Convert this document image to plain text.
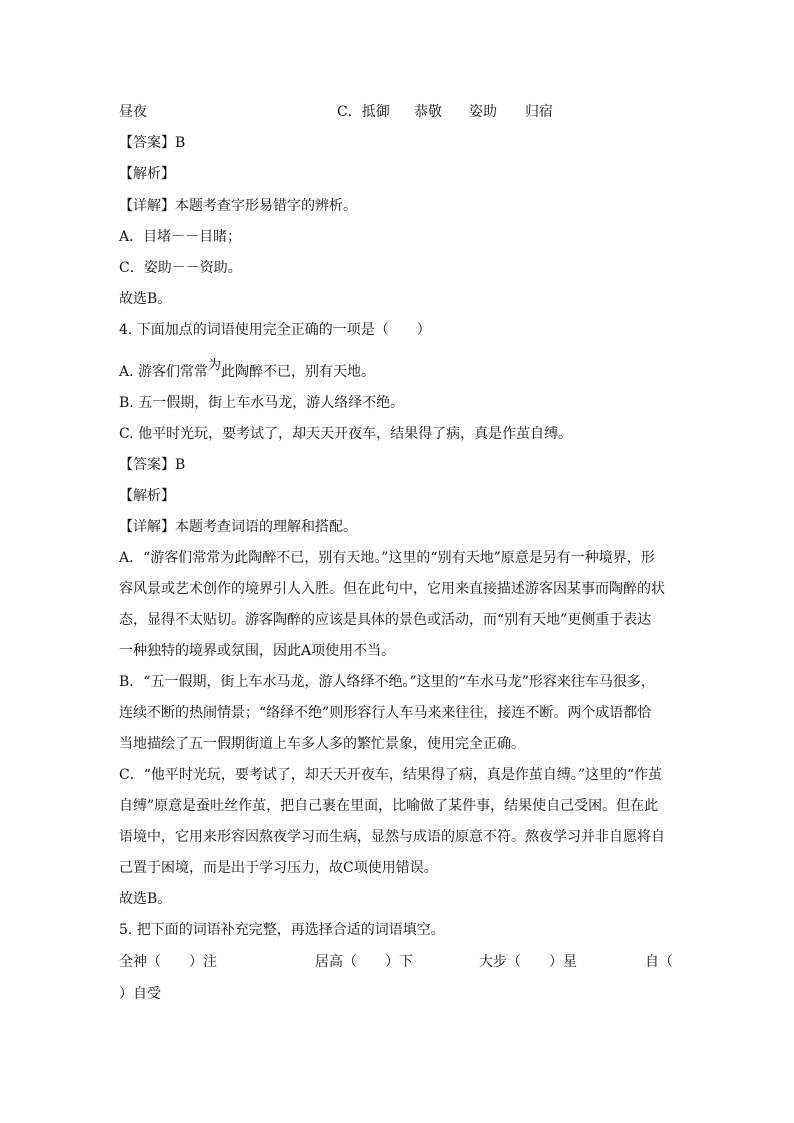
昼夜	C．抵御 恭敬 姿助 归宿
【答案】B
【解析】
【详解】本题考查字形易错字的辨析。
A．目堵－－目睹；
C．姿助－－资助。
故选B。
4. 下面加点的词语使用完全正确的一项是（　　）
A. 游客们常常为此陶醉不已，别有天地。
B. 五一假期，街上车水马龙，游人络绎不绝。
C. 他平时光玩，要考试了，却天天开夜车，结果得了病，真是作茧自缚。
【答案】B
【解析】
【详解】本题考查词语的理解和搭配。
A．“游客们常常为此陶醉不已，别有天地。”这里的“别有天地”原意是另有一种境界，形
容风景或艺术创作的境界引人入胜。但在此句中，它用来直接描述游客因某事而陶醉的状
态，显得不太贴切。游客陶醉的应该是具体的景色或活动，而“别有天地”更侧重于表达
一种独特的境界或氛围，因此A项使用不当。
B．“五一假期，街上车水马龙，游人络绎不绝。”这里的“车水马龙”形容来往车马很多，
连续不断的热闹情景；“络绎不绝”则形容行人车马来来往往，接连不断。两个成语都恰
当地描绘了五一假期街道上车多人多的繁忙景象，使用完全正确。
C．“他平时光玩，要考试了，却天天开夜车，结果得了病，真是作茧自缚。”这里的“作茧
自缚”原意是蚕吐丝作茧，把自己裹在里面，比喻做了某件事，结果使自己受困。但在此
语境中，它用来形容因熬夜学习而生病，显然与成语的原意不符。熬夜学习并非自愿将自
己置于困境，而是出于学习压力，故C项使用错误。
故选B。
5. 把下面的词语补充完整，再选择合适的词语填空。
全神（　　）注	居高（　　）下	大步（　　）星	自（
）自受
